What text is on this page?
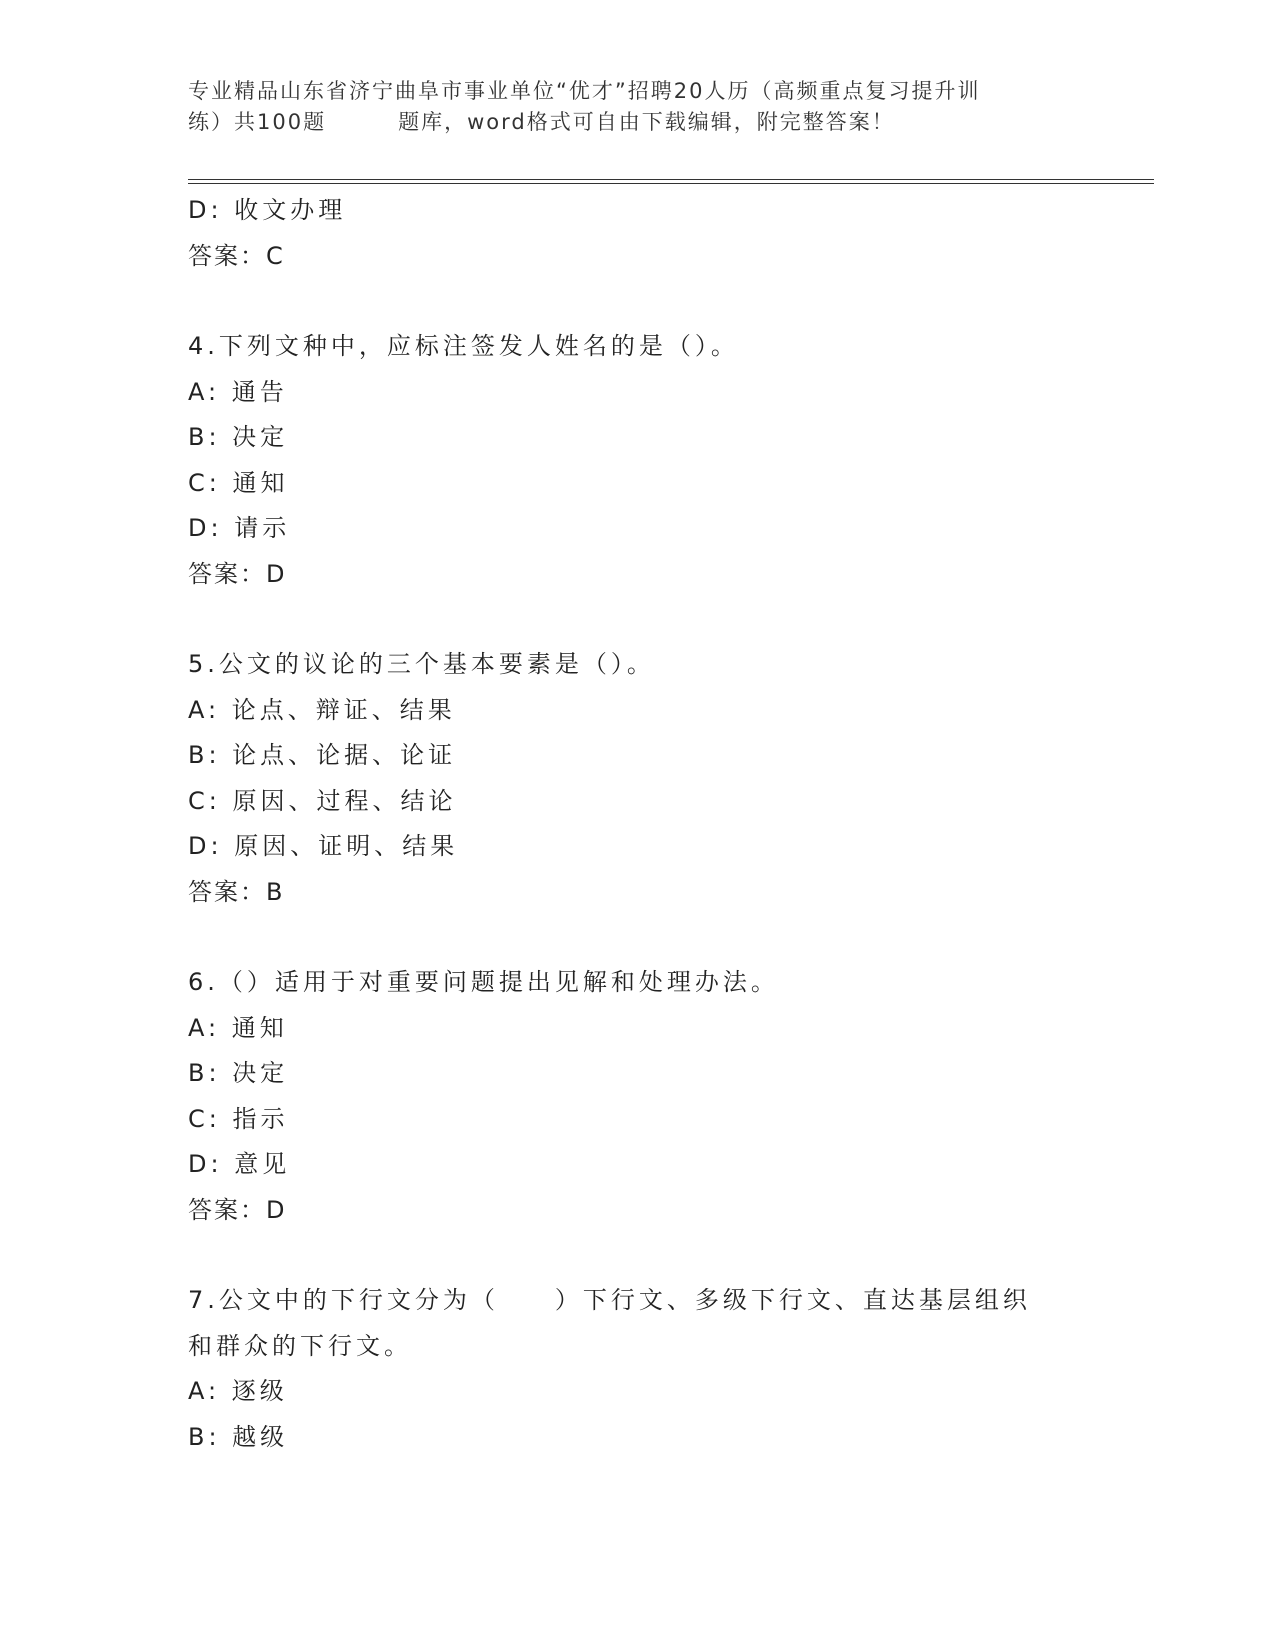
专业精品山东省济宁曲阜市事业单位“优才”招聘20人历（高频重点复习提升训
练）共100题	题库，word格式可自由下载编辑，附完整答案！
D: 收文办理
答案：C
4.下列文种中，应标注签发人姓名的是（）。
A: 通告
B: 决定
C: 通知
D: 请示
答案：D
5.公文的议论的三个基本要素是（）。
A: 论点、辩证、结果
B: 论点、论据、论证
C: 原因、过程、结论
D: 原因、证明、结果
答案：B
6.（）适用于对重要问题提出见解和处理办法。
A: 通知
B: 决定
C: 指示
D: 意见
答案：D
7.公文中的下行文分为（　　）下行文、多级下行文、直达基层组织
和群众的下行文。
A: 逐级
B: 越级
